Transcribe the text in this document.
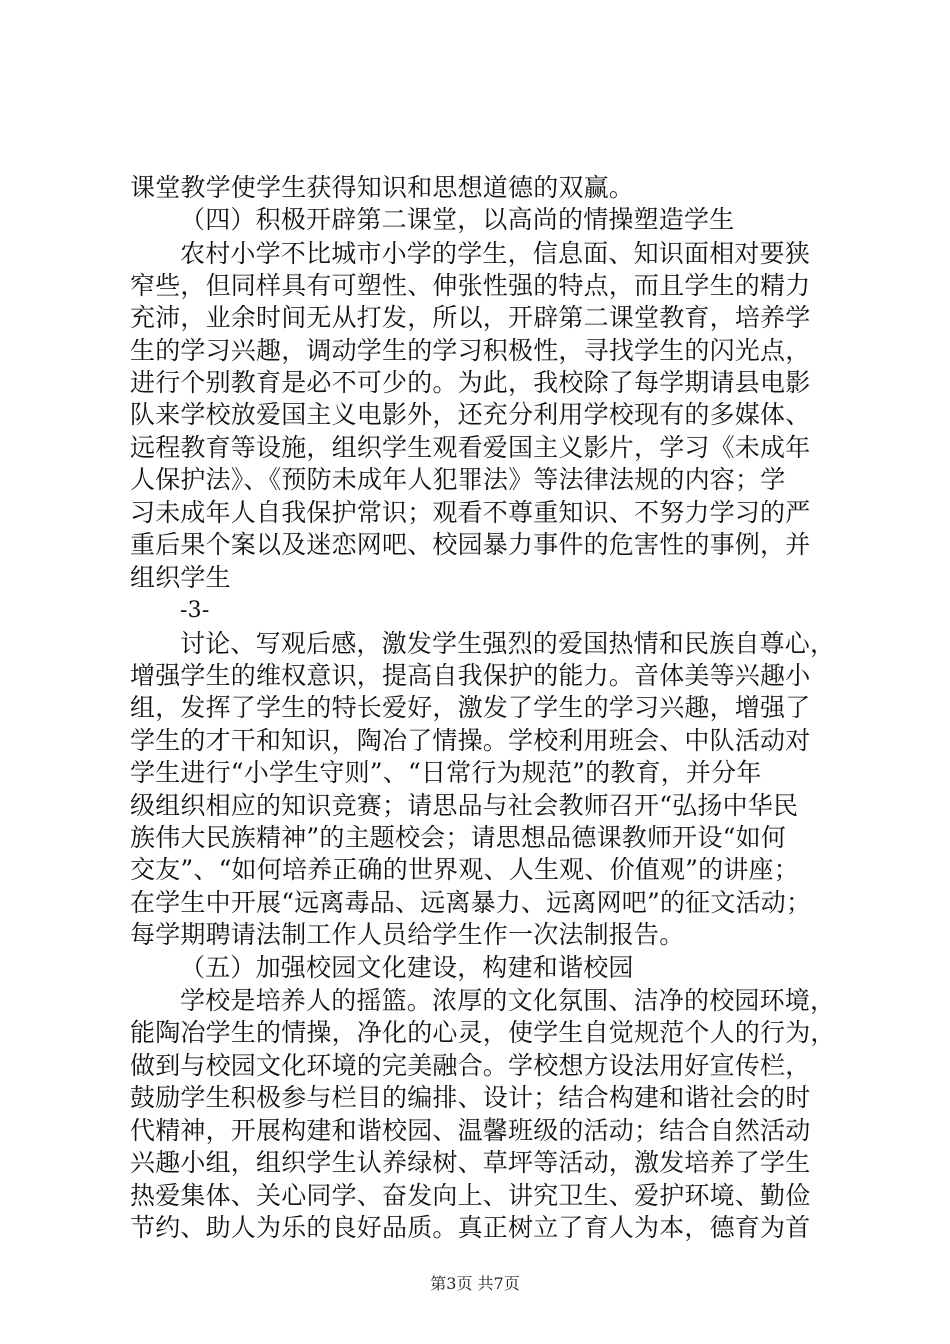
课堂教学使学生获得知识和思想道德的双赢。
（四）积极开辟第二课堂，以高尚的情操塑造学生
农村小学不比城市小学的学生，信息面、知识面相对要狭
窄些，但同样具有可塑性、伸张性强的特点，而且学生的精力
充沛，业余时间无从打发，所以，开辟第二课堂教育，培养学
生的学习兴趣，调动学生的学习积极性，寻找学生的闪光点，
进行个别教育是必不可少的。为此，我校除了每学期请县电影
队来学校放爱国主义电影外，还充分利用学校现有的多媒体、
远程教育等设施，组织学生观看爱国主义影片，学习《未成年
人保护法》、《预防未成年人犯罪法》等法律法规的内容；学
习未成年人自我保护常识；观看不尊重知识、不努力学习的严
重后果个案以及迷恋网吧、校园暴力事件的危害性的事例，并
组织学生
-3-
讨论、写观后感，激发学生强烈的爱国热情和民族自尊心，
增强学生的维权意识，提高自我保护的能力。音体美等兴趣小
组，发挥了学生的特长爱好，激发了学生的学习兴趣，增强了
学生的才干和知识，陶冶了情操。学校利用班会、中队活动对
学生进行“小学生守则”、“日常行为规范”的教育，并分年
级组织相应的知识竞赛；请思品与社会教师召开“弘扬中华民
族伟大民族精神”的主题校会；请思想品德课教师开设“如何
交友”、“如何培养正确的世界观、人生观、价值观”的讲座；
在学生中开展“远离毒品、远离暴力、远离网吧”的征文活动；
每学期聘请法制工作人员给学生作一次法制报告。
（五）加强校园文化建设，构建和谐校园
学校是培养人的摇篮。浓厚的文化氛围、洁净的校园环境，
能陶冶学生的情操，净化的心灵，使学生自觉规范个人的行为，
做到与校园文化环境的完美融合。学校想方设法用好宣传栏，
鼓励学生积极参与栏目的编排、设计；结合构建和谐社会的时
代精神，开展构建和谐校园、温馨班级的活动；结合自然活动
兴趣小组，组织学生认养绿树、草坪等活动，激发培养了学生
热爱集体、关心同学、奋发向上、讲究卫生、爱护环境、勤俭
节约、助人为乐的良好品质。真正树立了育人为本，德育为首
第3页 共7页
